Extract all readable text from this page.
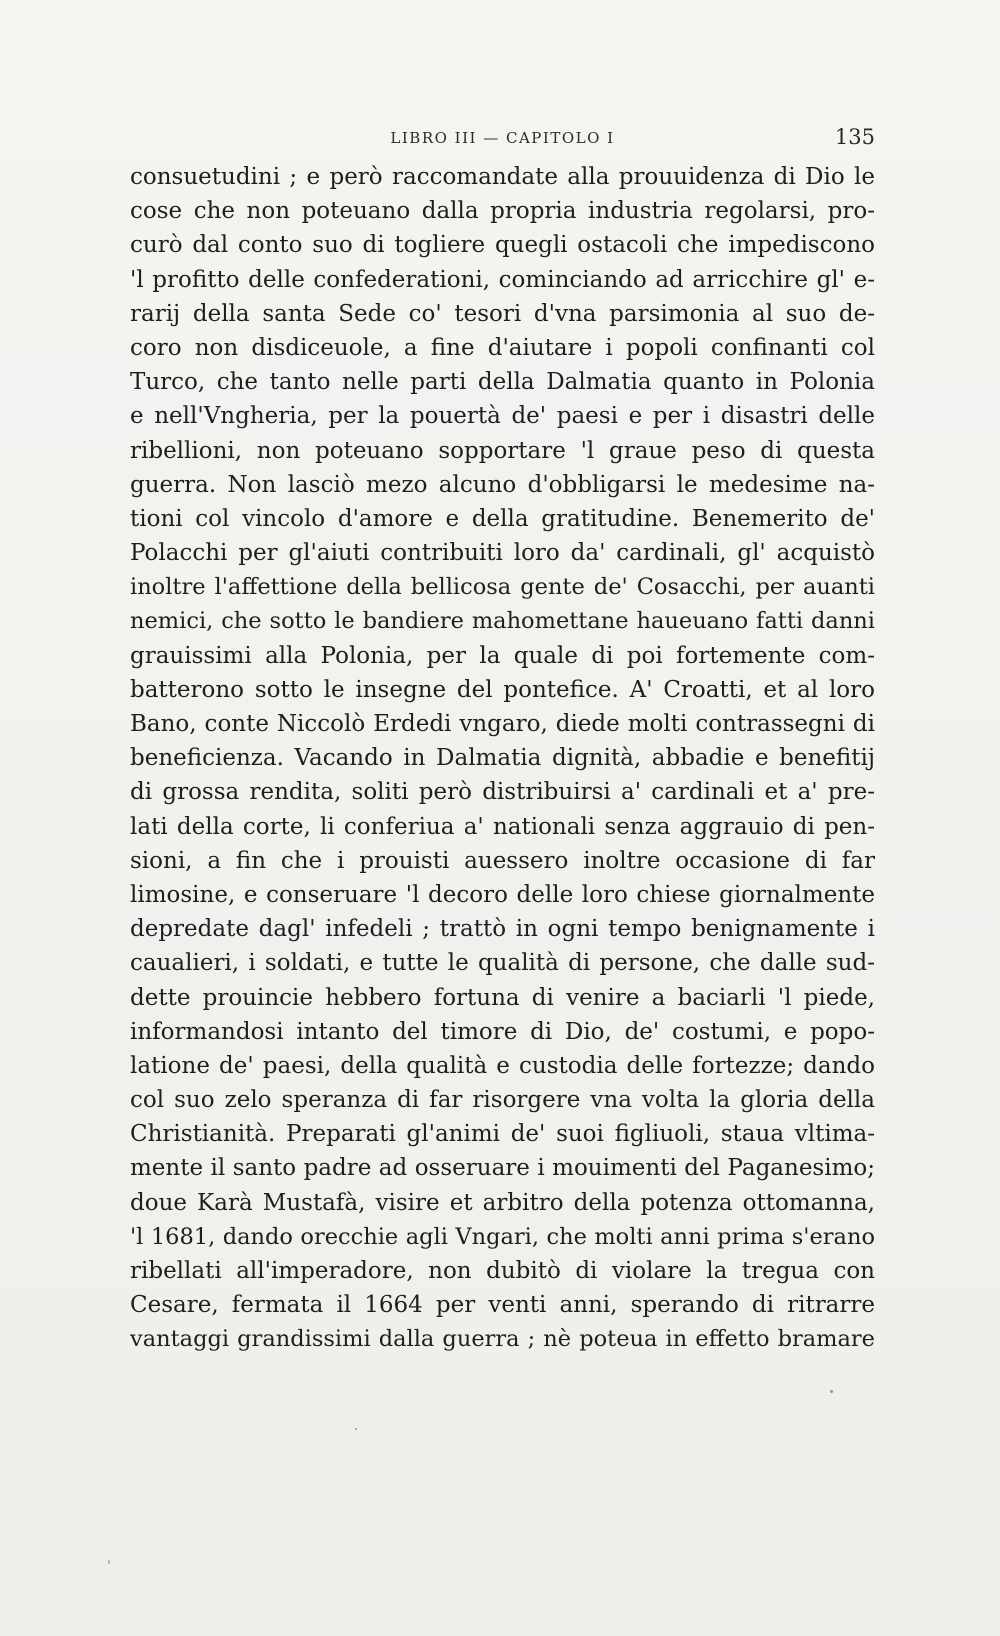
LIBRO III — CAPITOLO I	135
consuetudini ; e però raccomandate alla prouuidenza di Dio le
cose che non poteuano dalla propria industria regolarsi, pro-
curò dal conto suo di togliere quegli ostacoli che impediscono
'l profitto delle confederationi, cominciando ad arricchire gl' e-
rarij della santa Sede co' tesori d'vna parsimonia al suo de-
coro non disdiceuole, a fine d'aiutare i popoli confinanti col
Turco, che tanto nelle parti della Dalmatia quanto in Polonia
e nell'Vngheria, per la pouertà de' paesi e per i disastri delle
ribellioni, non poteuano sopportare 'l graue peso di questa
guerra. Non lasciò mezo alcuno d'obbligarsi le medesime na-
tioni col vincolo d'amore e della gratitudine. Benemerito de'
Polacchi per gl'aiuti contribuiti loro da' cardinali, gl' acquistò
inoltre l'affettione della bellicosa gente de' Cosacchi, per auanti
nemici, che sotto le bandiere mahomettane haueuano fatti danni
grauissimi alla Polonia, per la quale di poi fortemente com-
batterono sotto le insegne del pontefice. A' Croatti, et al loro
Bano, conte Niccolò Erdedi vngaro, diede molti contrassegni di
beneficienza. Vacando in Dalmatia dignità, abbadie e benefitij
di grossa rendita, soliti però distribuirsi a' cardinali et a' pre-
lati della corte, li conferiua a' nationali senza aggrauio di pen-
sioni, a fin che i prouisti auessero inoltre occasione di far
limosine, e conseruare 'l decoro delle loro chiese giornalmente
depredate dagl' infedeli ; trattò in ogni tempo benignamente i
caualieri, i soldati, e tutte le qualità di persone, che dalle sud-
dette prouincie hebbero fortuna di venire a baciarli 'l piede,
informandosi intanto del timore di Dio, de' costumi, e popo-
latione de' paesi, della qualità e custodia delle fortezze; dando
col suo zelo speranza di far risorgere vna volta la gloria della
Christianità. Preparati gl'animi de' suoi figliuoli, staua vltima-
mente il santo padre ad osseruare i mouimenti del Paganesimo;
doue Karà Mustafà, visire et arbitro della potenza ottomanna,
'l 1681, dando orecchie agli Vngari, che molti anni prima s'erano
ribellati all'imperadore, non dubitò di violare la tregua con
Cesare, fermata il 1664 per venti anni, sperando di ritrarre
vantaggi grandissimi dalla guerra ; nè poteua in effetto bramare
